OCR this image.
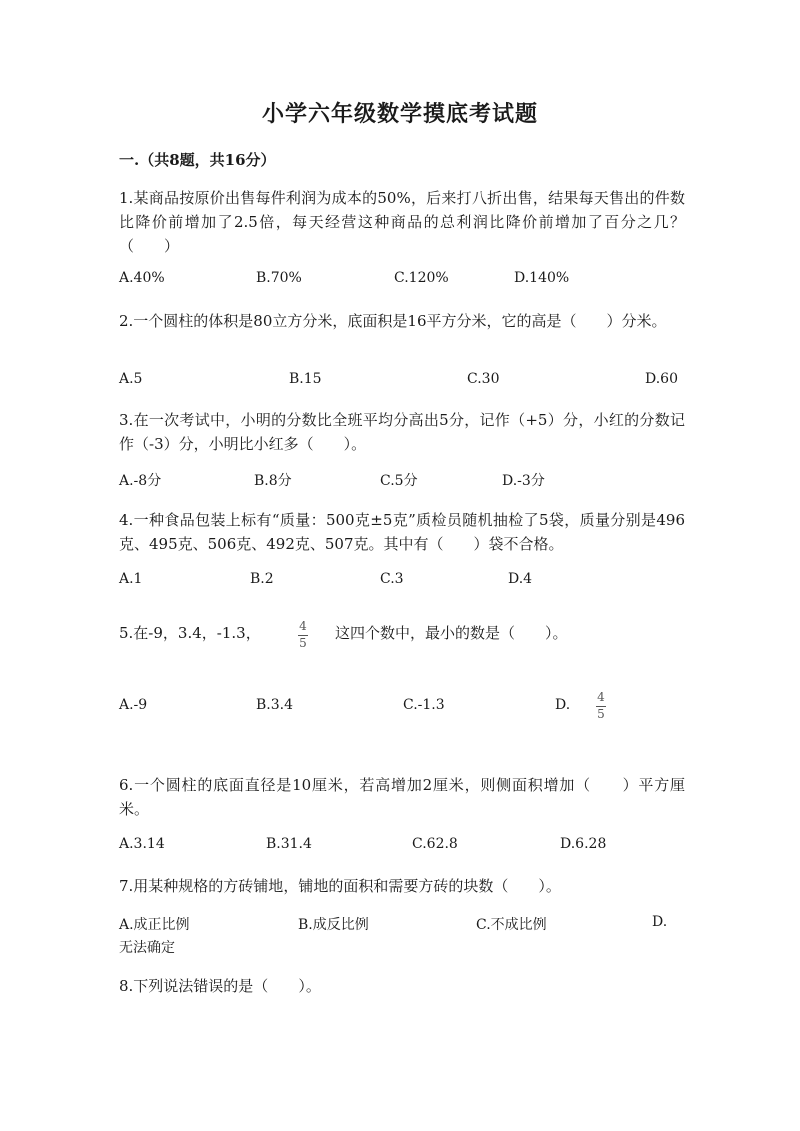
小学六年级数学摸底考试题
一.（共8题，共16分）
1.某商品按原价出售每件利润为成本的50%，后来打八折出售，结果每天售出的件数比降价前增加了2.5倍，每天经营这种商品的总利润比降价前增加了百分之几？（　　）
A.40%	B.70%	C.120%	D.140%
2.一个圆柱的体积是80立方分米，底面积是16平方分米，它的高是（　　）分米。
A.5	B.15	C.30	D.60
3.在一次考试中，小明的分数比全班平均分高出5分，记作（+5）分，小红的分数记作（-3）分，小明比小红多（　　）。
A.-8分	B.8分	C.5分	D.-3分
4.一种食品包装上标有“质量：500克±5克”质检员随机抽检了5袋，质量分别是496克、495克、506克、492克、507克。其中有（　　）袋不合格。
A.1	B.2	C.3	D.4
5.在-9，3.4，-1.3，	4
5
这四个数中，最小的数是（　　）。
A.-9	B.3.4	C.-1.3	D. 4
5
6.一个圆柱的底面直径是10厘米，若高增加2厘米，则侧面积增加（　　）平方厘米。
A.3.14	B.31.4	C.62.8	D.6.28
7.用某种规格的方砖铺地，铺地的面积和需要方砖的块数（　　）。
A.成正比例	B.成反比例	C.不成比例	D.
无法确定
8.下列说法错误的是（　　）。
